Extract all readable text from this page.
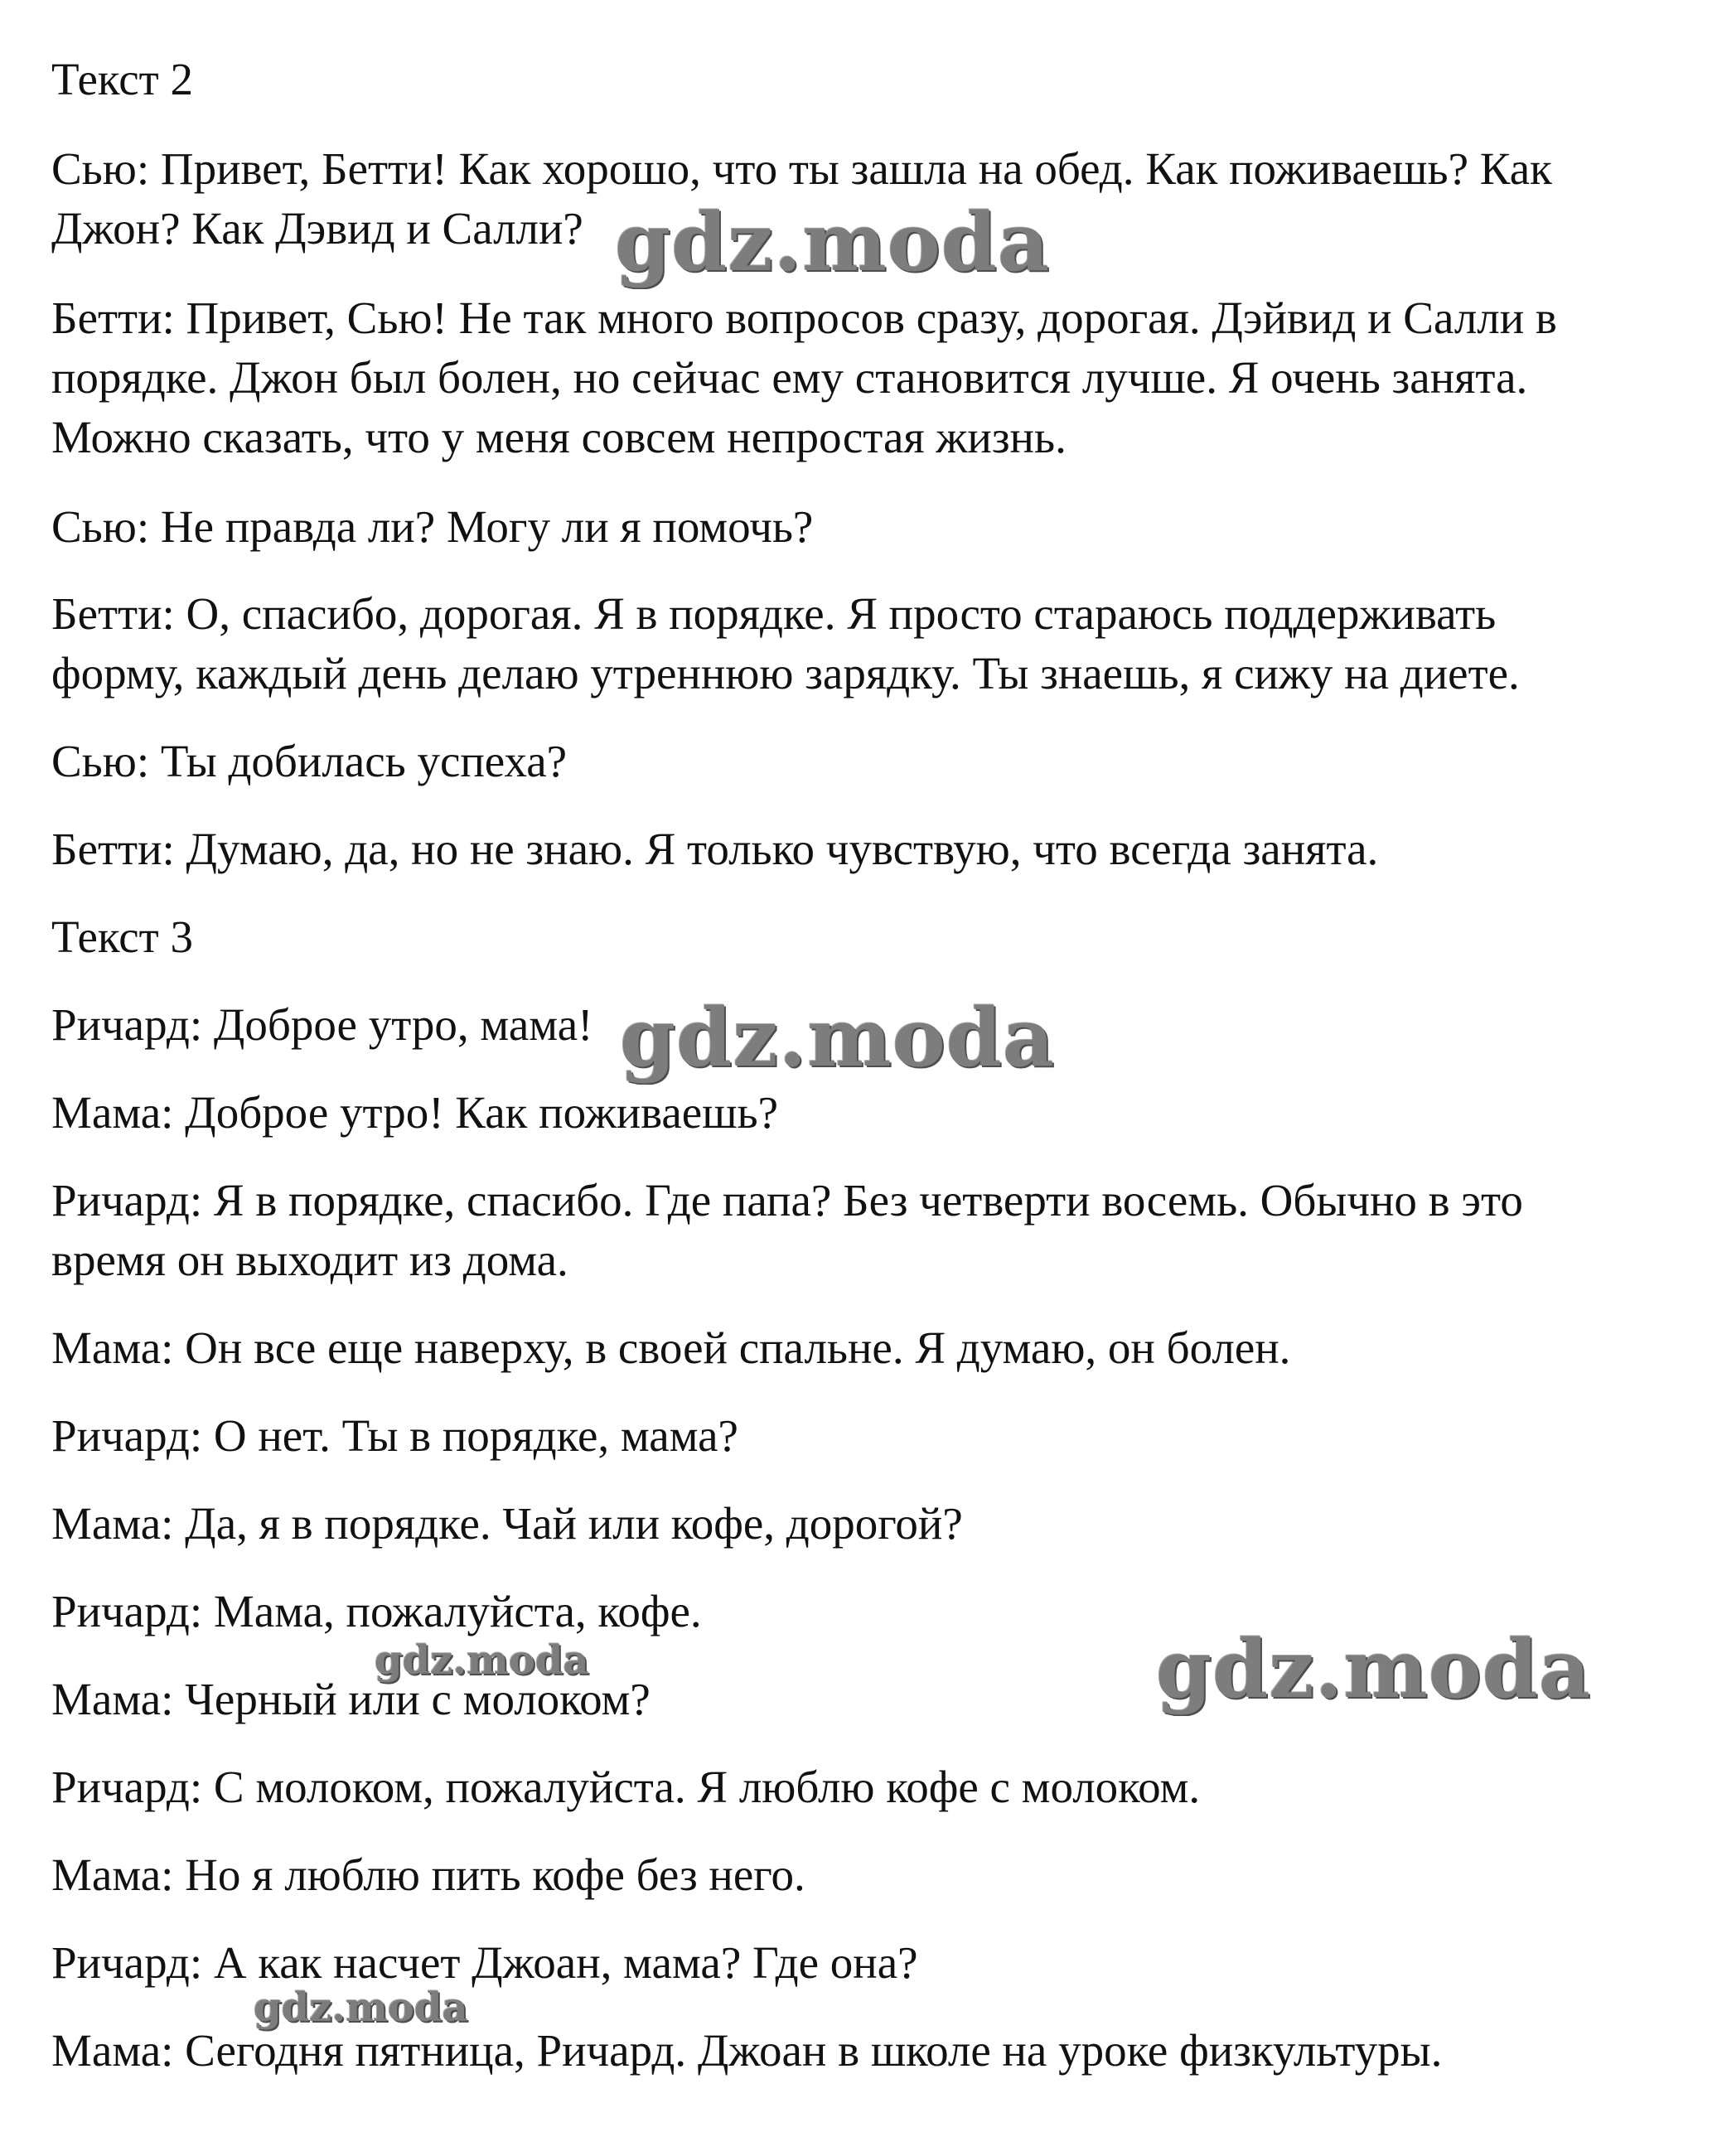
Текст 2
Сью: Привет, Бетти! Как хорошо, что ты зашла на обед. Как поживаешь? Как
Джон? Как Дэвид и Салли?
Бетти: Привет, Сью! Не так много вопросов сразу, дорогая. Дэйвид и Салли в
порядке. Джон был болен, но сейчас ему становится лучше. Я очень занята.
Можно сказать, что у меня совсем непростая жизнь.
Сью: Не правда ли? Могу ли я помочь?
Бетти: О, спасибо, дорогая. Я в порядке. Я просто стараюсь поддерживать
форму, каждый день делаю утреннюю зарядку. Ты знаешь, я сижу на диете.
Сью: Ты добилась успеха?
Бетти: Думаю, да, но не знаю. Я только чувствую, что всегда занята.
Текст 3
Ричард: Доброе утро, мама!
Мама: Доброе утро! Как поживаешь?
Ричард: Я в порядке, спасибо. Где папа? Без четверти восемь. Обычно в это
время он выходит из дома.
Мама: Он все еще наверху, в своей спальне. Я думаю, он болен.
Ричард: О нет. Ты в порядке, мама?
Мама: Да, я в порядке. Чай или кофе, дорогой?
Ричард: Мама, пожалуйста, кофе.
Мама: Черный или с молоком?
Ричард: С молоком, пожалуйста. Я люблю кофе с молоком.
Мама: Но я люблю пить кофе без него.
Ричард: А как насчет Джоан, мама? Где она?
Мама: Сегодня пятница, Ричард. Джоан в школе на уроке физкультуры.
gdz.moda
gdz.moda
gdz.moda
gdz.moda
gdz.moda
